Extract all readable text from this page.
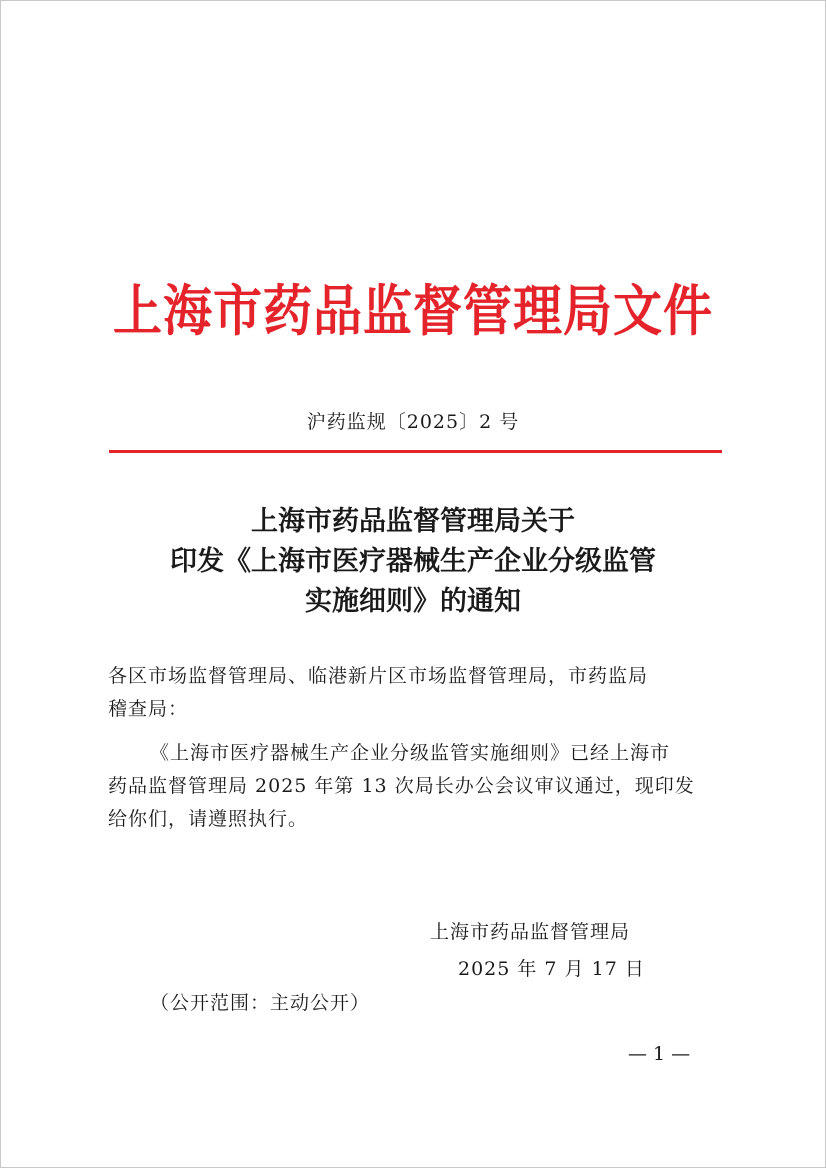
上海市药品监督管理局文件
沪药监规〔2025〕2 号
上海市药品监督管理局关于
印发《上海市医疗器械生产企业分级监管
实施细则》的通知
各区市场监督管理局、临港新片区市场监督管理局，市药监局
稽查局：
《上海市医疗器械生产企业分级监管实施细则》已经上海市
药品监督管理局 2025 年第 13 次局长办公会议审议通过，现印发
给你们，请遵照执行。
上海市药品监督管理局
2025 年 7 月 17 日
（公开范围：主动公开）
— 1 —
